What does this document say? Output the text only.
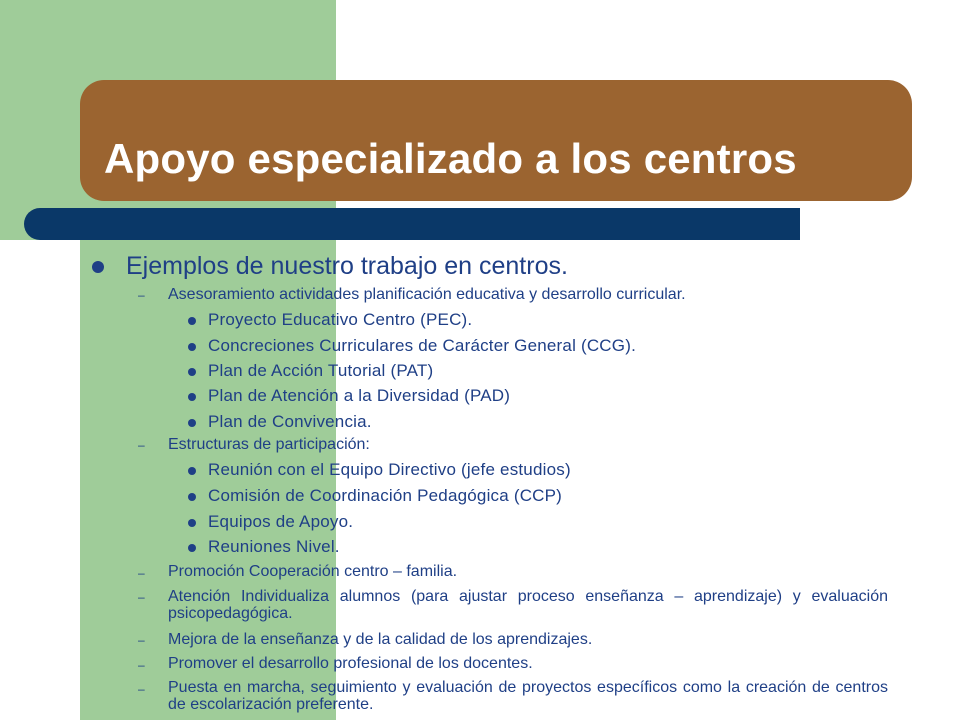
Apoyo especializado a los centros
Ejemplos de nuestro trabajo en centros.
– Asesoramiento actividades planificación educativa y desarrollo curricular.
Proyecto Educativo Centro (PEC).
Concreciones Curriculares de Carácter General (CCG).
Plan de Acción Tutorial (PAT)
Plan de Atención a la Diversidad (PAD)
Plan de Convivencia.
– Estructuras de participación:
Reunión con el Equipo Directivo (jefe estudios)
Comisión de Coordinación Pedagógica (CCP)
Equipos de Apoyo.
Reuniones Nivel.
– Promoción Cooperación centro – familia.
– Atención Individualiza alumnos (para ajustar proceso enseñanza – aprendizaje) y evaluación psicopedagógica.
– Mejora de la enseñanza y de la calidad de los aprendizajes.
– Promover el desarrollo profesional de los docentes.
– Puesta en marcha, seguimiento y evaluación de proyectos específicos como la creación de centros de escolarización preferente.
